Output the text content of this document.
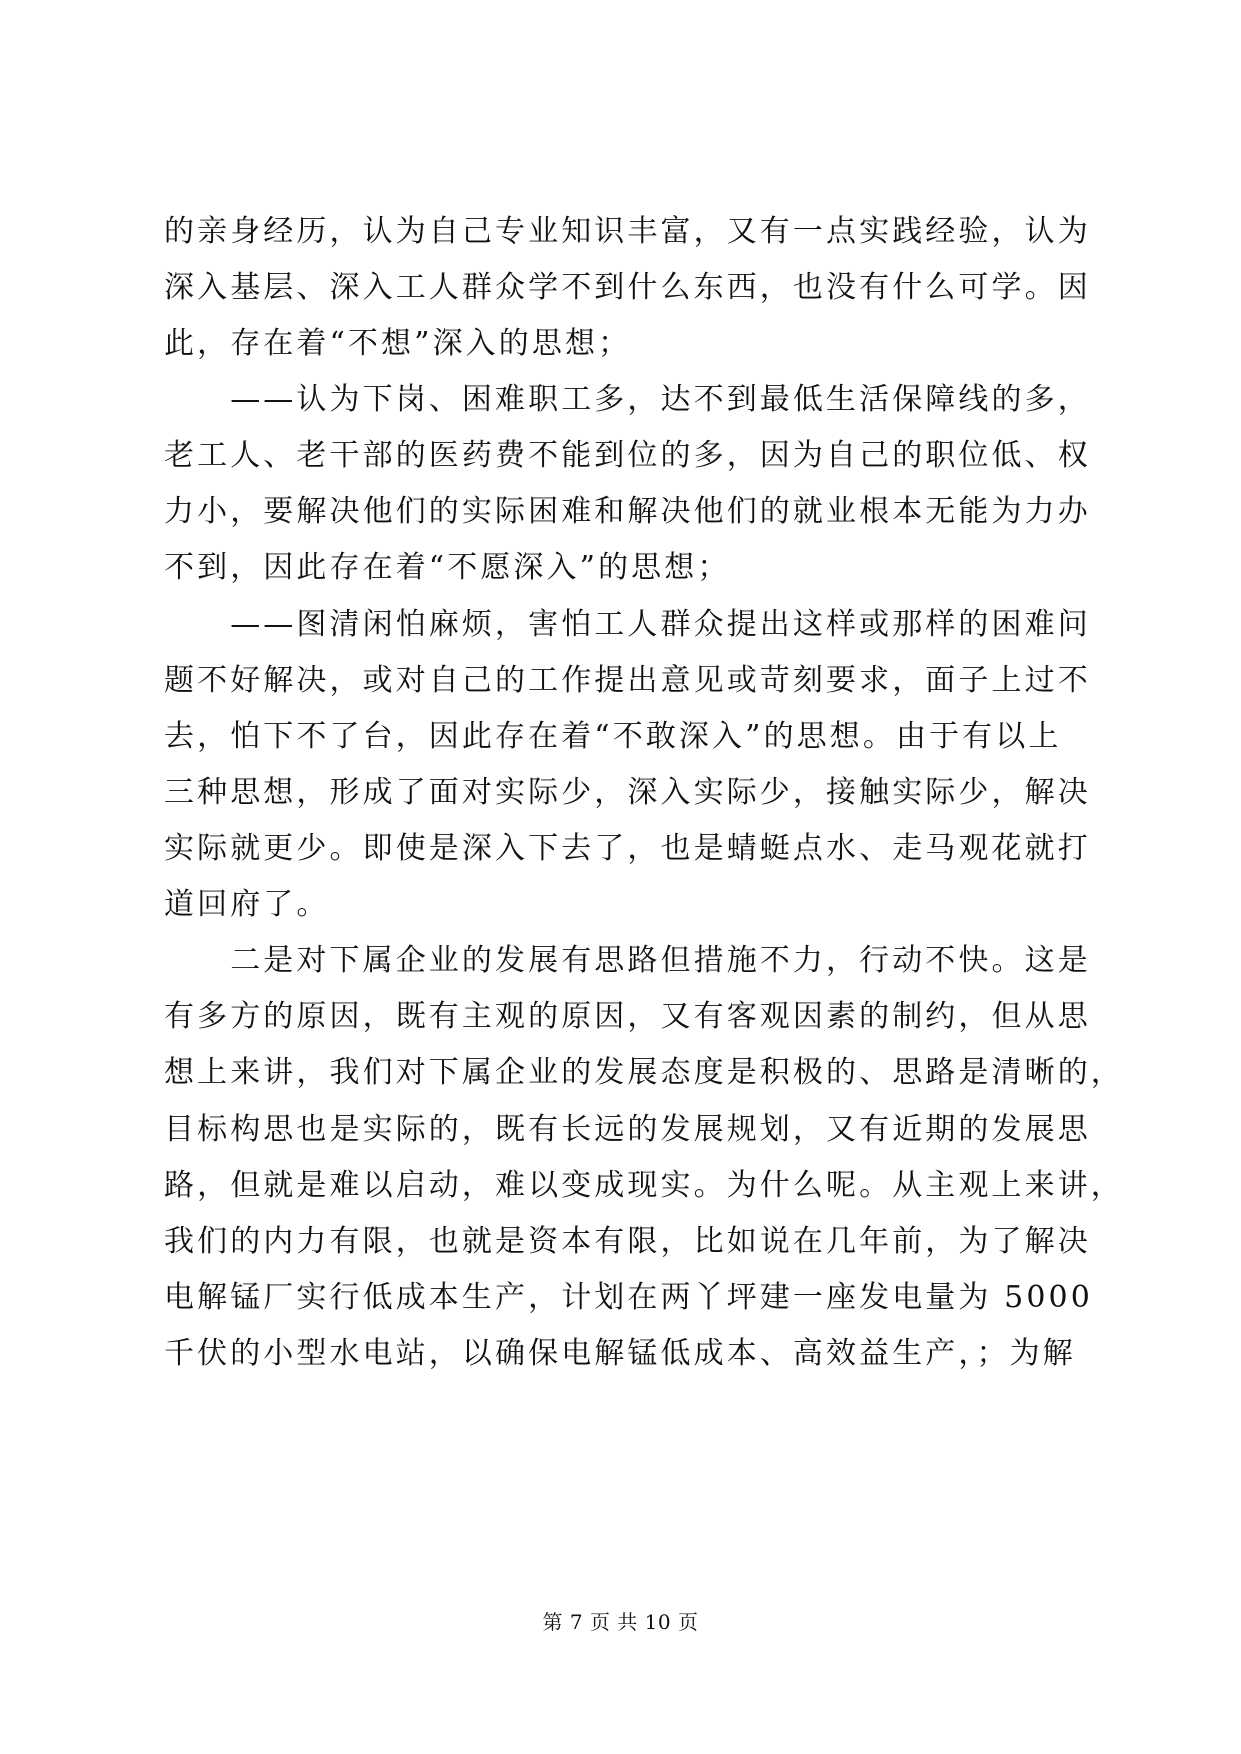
的亲身经历，认为自己专业知识丰富，又有一点实践经验，认为
深入基层、深入工人群众学不到什么东西，也没有什么可学。因
此，存在着“不想”深入的思想；
　　——认为下岗、困难职工多，达不到最低生活保障线的多，
老工人、老干部的医药费不能到位的多，因为自己的职位低、权
力小，要解决他们的实际困难和解决他们的就业根本无能为力办
不到，因此存在着“不愿深入”的思想；
　　——图清闲怕麻烦，害怕工人群众提出这样或那样的困难问
题不好解决，或对自己的工作提出意见或苛刻要求，面子上过不
去，怕下不了台，因此存在着“不敢深入”的思想。由于有以上
三种思想，形成了面对实际少，深入实际少，接触实际少，解决
实际就更少。即使是深入下去了，也是蜻蜓点水、走马观花就打
道回府了。
　　二是对下属企业的发展有思路但措施不力，行动不快。这是
有多方的原因，既有主观的原因，又有客观因素的制约，但从思
想上来讲，我们对下属企业的发展态度是积极的、思路是清晰的，
目标构思也是实际的，既有长远的发展规划，又有近期的发展思
路，但就是难以启动，难以变成现实。为什么呢。从主观上来讲，
我们的内力有限，也就是资本有限，比如说在几年前，为了解决
电解锰厂实行低成本生产，计划在两丫坪建一座发电量为 5000
千伏的小型水电站，以确保电解锰低成本、高效益生产，；为解
第 7 页 共 10 页
